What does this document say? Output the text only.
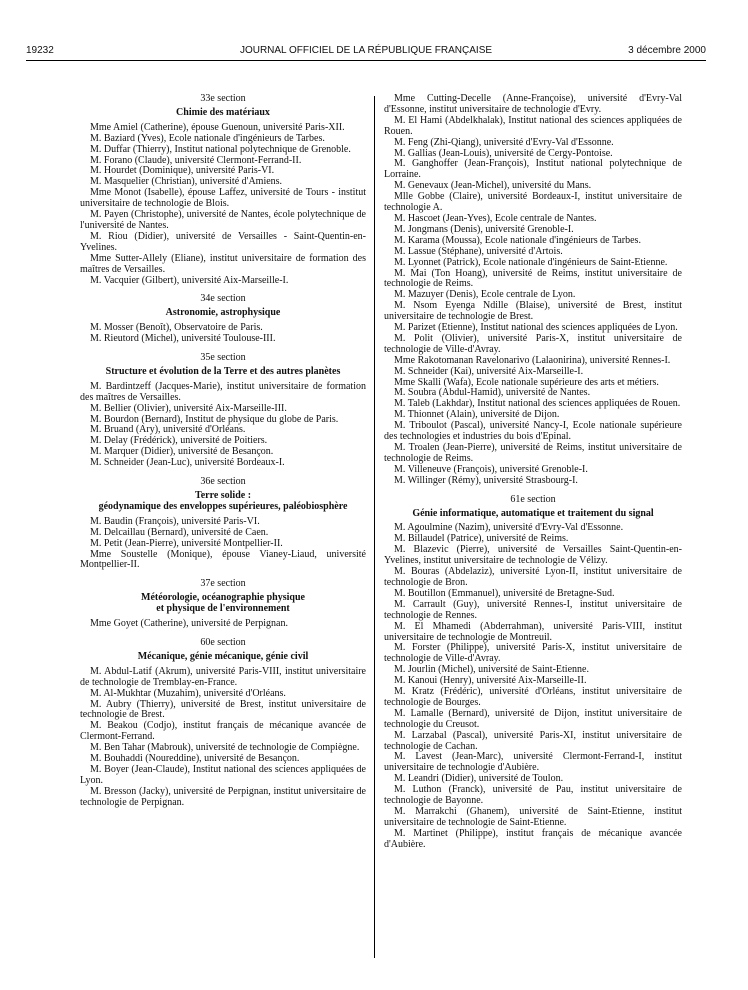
19232	JOURNAL OFFICIEL DE LA RÉPUBLIQUE FRANÇAISE	3 décembre 2000
33e section
Chimie des matériaux
Mme Amiel (Catherine), épouse Guenoun, université Paris-XII.
M. Baziard (Yves), Ecole nationale d'ingénieurs de Tarbes.
M. Duffar (Thierry), Institut national polytechnique de Grenoble.
M. Forano (Claude), université Clermont-Ferrand-II.
M. Hourdet (Dominique), université Paris-VI.
M. Masquelier (Christian), université d'Amiens.
Mme Monot (Isabelle), épouse Laffez, université de Tours - institut universitaire de technologie de Blois.
M. Payen (Christophe), université de Nantes, école polytechnique de l'université de Nantes.
M. Riou (Didier), université de Versailles - Saint-Quentin-en-Yvelines.
Mme Sutter-Allely (Eliane), institut universitaire de formation des maîtres de Versailles.
M. Vacquier (Gilbert), université Aix-Marseille-I.
34e section
Astronomie, astrophysique
M. Mosser (Benoît), Observatoire de Paris.
M. Rieutord (Michel), université Toulouse-III.
35e section
Structure et évolution de la Terre et des autres planètes
M. Bardintzeff (Jacques-Marie), institut universitaire de formation des maîtres de Versailles.
M. Bellier (Olivier), université Aix-Marseille-III.
M. Bourdon (Bernard), Institut de physique du globe de Paris.
M. Bruand (Ary), université d'Orléans.
M. Delay (Frédérick), université de Poitiers.
M. Marquer (Didier), université de Besançon.
M. Schneider (Jean-Luc), université Bordeaux-I.
36e section
Terre solide :
géodynamique des enveloppes supérieures, paléobiosphère
M. Baudin (François), université Paris-VI.
M. Delcaillau (Bernard), université de Caen.
M. Petit (Jean-Pierre), université Montpellier-II.
Mme Soustelle (Monique), épouse Vianey-Liaud, université Montpellier-II.
37e section
Météorologie, océanographie physique
et physique de l'environnement
Mme Goyet (Catherine), université de Perpignan.
60e section
Mécanique, génie mécanique, génie civil
M. Abdul-Latif (Akrum), université Paris-VIII, institut universitaire de technologie de Tremblay-en-France.
M. Al-Mukhtar (Muzahim), université d'Orléans.
M. Aubry (Thierry), université de Brest, institut universitaire de technologie de Brest.
M. Beakou (Codjo), institut français de mécanique avancée de Clermont-Ferrand.
M. Ben Tahar (Mabrouk), université de technologie de Compiègne.
M. Bouhaddi (Noureddine), université de Besançon.
M. Boyer (Jean-Claude), Institut national des sciences appliquées de Lyon.
M. Bresson (Jacky), université de Perpignan, institut universitaire de technologie de Perpignan.
Mme Cutting-Decelle (Anne-Françoise), université d'Evry-Val d'Essonne, institut universitaire de technologie d'Evry.
M. El Hami (Abdelkhalak), Institut national des sciences appliquées de Rouen.
M. Feng (Zhi-Qiang), université d'Evry-Val d'Essonne.
M. Gallias (Jean-Louis), université de Cergy-Pontoise.
M. Ganghoffer (Jean-François), Institut national polytechnique de Lorraine.
M. Genevaux (Jean-Michel), université du Mans.
Mlle Gobbe (Claire), université Bordeaux-I, institut universitaire de technologie A.
M. Hascoet (Jean-Yves), Ecole centrale de Nantes.
M. Jongmans (Denis), université Grenoble-I.
M. Karama (Moussa), Ecole nationale d'ingénieurs de Tarbes.
M. Lassue (Stéphane), université d'Artois.
M. Lyonnet (Patrick), Ecole nationale d'ingénieurs de Saint-Etienne.
M. Mai (Ton Hoang), université de Reims, institut universitaire de technologie de Reims.
M. Mazuyer (Denis), Ecole centrale de Lyon.
M. Nsom Eyenga Ndille (Blaise), université de Brest, institut universitaire de technologie de Brest.
M. Parizet (Etienne), Institut national des sciences appliquées de Lyon.
M. Polit (Olivier), université Paris-X, institut universitaire de technologie de Ville-d'Avray.
Mme Rakotomanan Ravelonarivo (Lalaonirina), université Rennes-I.
M. Schneider (Kai), université Aix-Marseille-I.
Mme Skalli (Wafa), Ecole nationale supérieure des arts et métiers.
M. Soubra (Abdul-Hamid), université de Nantes.
M. Taleb (Lakhdar), Institut national des sciences appliquées de Rouen.
M. Thionnet (Alain), université de Dijon.
M. Triboulot (Pascal), université Nancy-I, Ecole nationale supérieure des technologies et industries du bois d'Epinal.
M. Troalen (Jean-Pierre), université de Reims, institut universitaire de technologie de Reims.
M. Villeneuve (François), université Grenoble-I.
M. Willinger (Rémy), université Strasbourg-I.
61e section
Génie informatique, automatique et traitement du signal
M. Agoulmine (Nazim), université d'Evry-Val d'Essonne.
M. Billaudel (Patrice), université de Reims.
M. Blazevic (Pierre), université de Versailles Saint-Quentin-en-Yvelines, institut universitaire de technologie de Vélizy.
M. Bouras (Abdelaziz), université Lyon-II, institut universitaire de technologie de Bron.
M. Boutillon (Emmanuel), université de Bretagne-Sud.
M. Carrault (Guy), université Rennes-I, institut universitaire de technologie de Rennes.
M. El Mhamedi (Abderrahman), université Paris-VIII, institut universitaire de technologie de Montreuil.
M. Forster (Philippe), université Paris-X, institut universitaire de technologie de Ville-d'Avray.
M. Jourlin (Michel), université de Saint-Etienne.
M. Kanoui (Henry), université Aix-Marseille-II.
M. Kratz (Frédéric), université d'Orléans, institut universitaire de technologie de Bourges.
M. Lamalle (Bernard), université de Dijon, institut universitaire de technologie du Creusot.
M. Larzabal (Pascal), université Paris-XI, institut universitaire de technologie de Cachan.
M. Lavest (Jean-Marc), université Clermont-Ferrand-I, institut universitaire de technologie d'Aubière.
M. Leandri (Didier), université de Toulon.
M. Luthon (Franck), université de Pau, institut universitaire de technologie de Bayonne.
M. Marrakchi (Ghanem), université de Saint-Etienne, institut universitaire de technologie de Saint-Etienne.
M. Martinet (Philippe), institut français de mécanique avancée d'Aubière.
